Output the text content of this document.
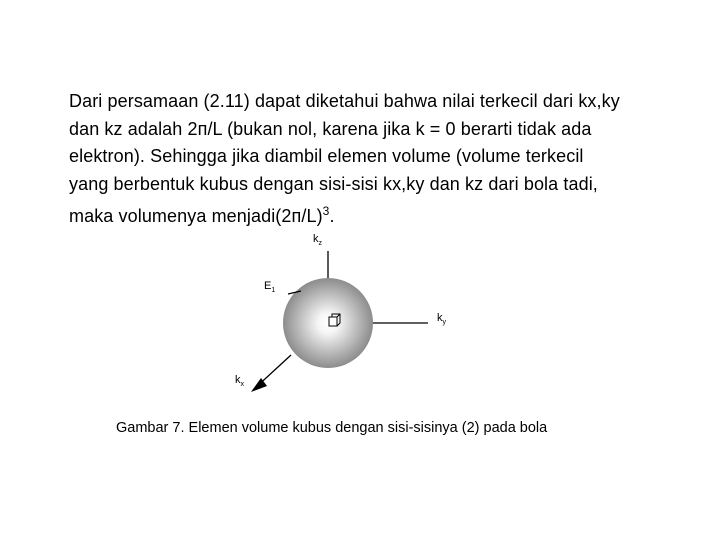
Dari persamaan (2.11) dapat diketahui bahwa nilai terkecil dari kx,ky
dan kz adalah 2п/L (bukan nol, karena jika k = 0 berarti tidak ada
elektron). Sehingga jika diambil elemen volume (volume terkecil
yang berbentuk kubus dengan sisi-sisi kx,ky dan kz dari bola tadi,
maka volumenya $menjadi(2п/L)^3$.
$k_z$
$E_1$
$k_y$
$k_x$
Gambar 7. Elemen volume kubus dengan sisi-sisinya (2) pada bola
